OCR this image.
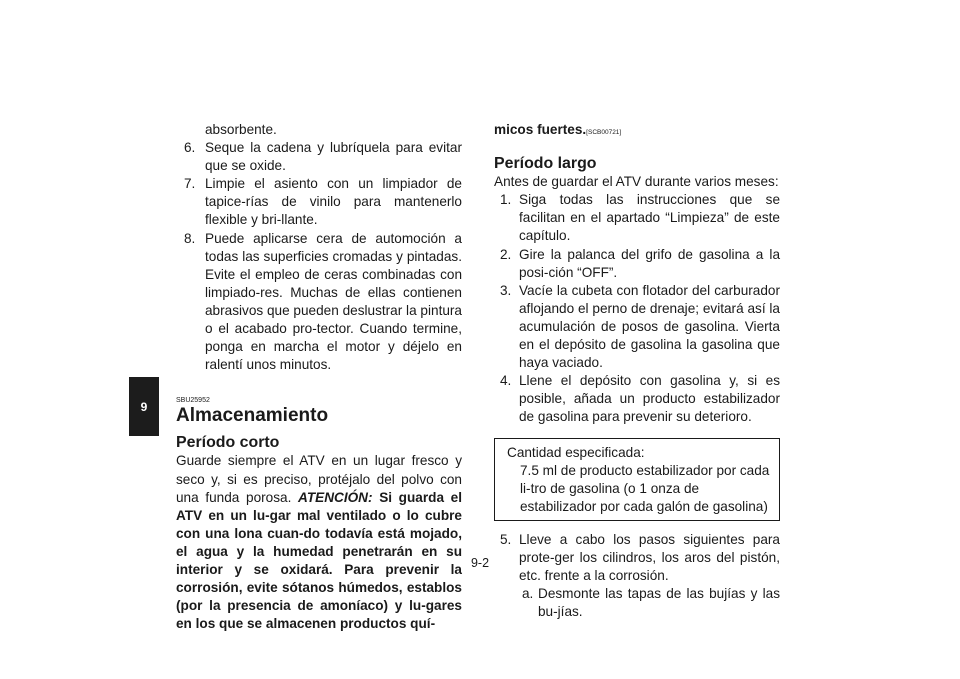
9
absorbente.
6. Seque la cadena y lubríquela para evitar que se oxide.
7. Limpie el asiento con un limpiador de tapice-rías de vinilo para mantenerlo flexible y bri-llante.
8. Puede aplicarse cera de automoción a todas las superficies cromadas y pintadas. Evite el empleo de ceras combinadas con limpiado-res. Muchas de ellas contienen abrasivos que pueden deslustrar la pintura o el acabado pro-tector. Cuando termine, ponga en marcha el motor y déjelo en ralentí unos minutos.
SBU25952
Almacenamiento
Período corto

Guarde siempre el ATV en un lugar fresco y seco y, si es preciso, protéjalo del polvo con una funda porosa. ATENCIÓN: Si guarda el ATV en un lu-gar mal ventilado o lo cubre con una lona cuan-do todavía está mojado, el agua y la humedad penetrarán en su interior y se oxidará. Para prevenir la corrosión, evite sótanos húmedos, establos (por la presencia de amoníaco) y lu-gares en los que se almacenen productos quí-

micos fuertes.[SCB00721]

Período largo

Antes de guardar el ATV durante varios meses:

1. Siga todas las instrucciones que se facilitan en el apartado “Limpieza” de este capítulo.
2. Gire la palanca del grifo de gasolina a la posi-ción “OFF”.
3. Vacíe la cubeta con flotador del carburador aflojando el perno de drenaje; evitará así la acumulación de posos de gasolina. Vierta en el depósito de gasolina la gasolina que haya vaciado.
4. Llene el depósito con gasolina y, si es posible, añada un producto estabilizador de gasolina para prevenir su deterioro.
Cantidad especificada:
7.5 ml de producto estabilizador por cada li-tro de gasolina (o 1 onza de estabilizador por cada galón de gasolina)
5. Lleve a cabo los pasos siguientes para prote-ger los cilindros, los aros del pistón, etc. frente a la corrosión.
a. Desmonte las tapas de las bujías y las bu-jías.
9-2
